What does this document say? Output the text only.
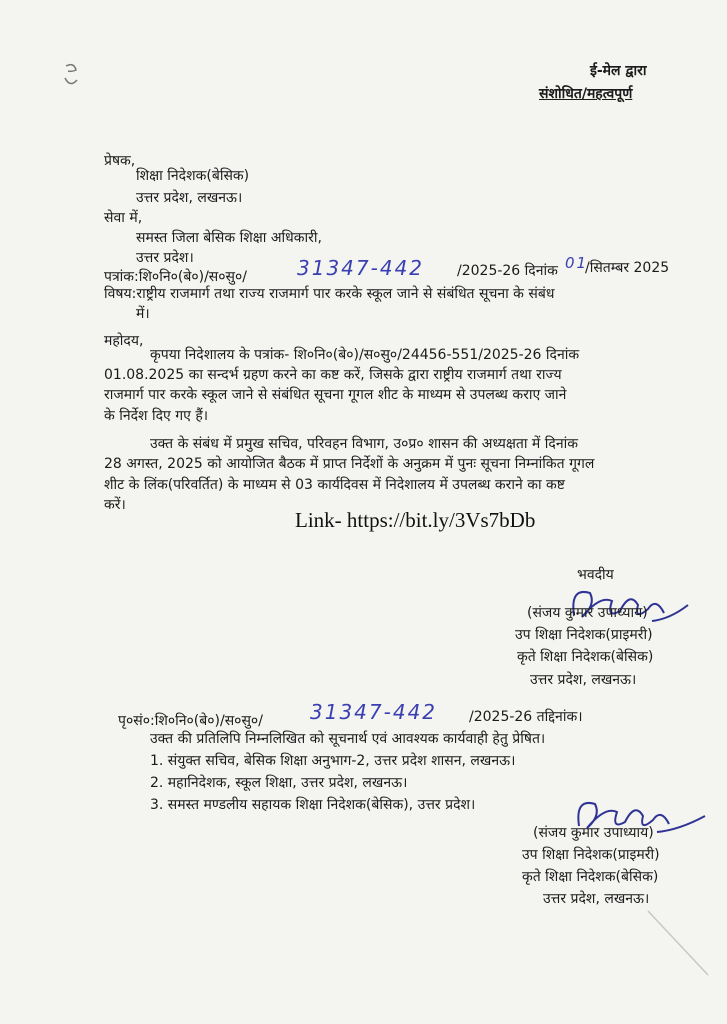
ई-मेल द्वारा
संशोधित/महत्वपूर्ण
प्रेषक,
शिक्षा निदेशक(बेसिक)
उत्तर प्रदेश, लखनऊ।
सेवा में,
समस्त जिला बेसिक शिक्षा अधिकारी,
उत्तर प्रदेश।
पत्रांक:शि०नि०(बे०)/स०सु०/	31347-442 /2025-26 दिनांक 01
/सितम्बर 2025
विषय:राष्ट्रीय राजमार्ग तथा राज्य राजमार्ग पार करके स्कूल जाने से संबंधित सूचना के संबंध
में।
महोदय,
कृपया निदेशालय के पत्रांक- शि०नि०(बे०)/स०सु०/24456-551/2025-26 दिनांक
01.08.2025 का सन्दर्भ ग्रहण करने का कष्ट करें, जिसके द्वारा राष्ट्रीय राजमार्ग तथा राज्य
राजमार्ग पार करके स्कूल जाने से संबंधित सूचना गूगल शीट के माध्यम से उपलब्ध कराए जाने
के निर्देश दिए गए हैं।
उक्त के संबंध में प्रमुख सचिव, परिवहन विभाग, उ०प्र० शासन की अध्यक्षता में दिनांक
28 अगस्त, 2025 को आयोजित बैठक में प्राप्त निर्देशों के अनुक्रम में पुनः सूचना निम्नांकित गूगल
शीट के लिंक(परिवर्तित) के माध्यम से 03 कार्यदिवस में निदेशालय में उपलब्ध कराने का कष्ट
करें।
Link- https://bit.ly/3Vs7bDb
भवदीय
(संजय कुमार उपाध्याय)
उप शिक्षा निदेशक(प्राइमरी)
कृते शिक्षा निदेशक(बेसिक)
उत्तर प्रदेश, लखनऊ।
पृ०सं०:शि०नि०(बे०)/स०सु०/ 31347-442 /2025-26 तद्दिनांक।
उक्त की प्रतिलिपि निम्नलिखित को सूचनार्थ एवं आवश्यक कार्यवाही हेतु प्रेषित।
1. संयुक्त सचिव, बेसिक शिक्षा अनुभाग-2, उत्तर प्रदेश शासन, लखनऊ।
2. महानिदेशक, स्कूल शिक्षा, उत्तर प्रदेश, लखनऊ।
3. समस्त मण्डलीय सहायक शिक्षा निदेशक(बेसिक), उत्तर प्रदेश।
(संजय कुमार उपाध्याय)
उप शिक्षा निदेशक(प्राइमरी)
कृते शिक्षा निदेशक(बेसिक)
उत्तर प्रदेश, लखनऊ।
